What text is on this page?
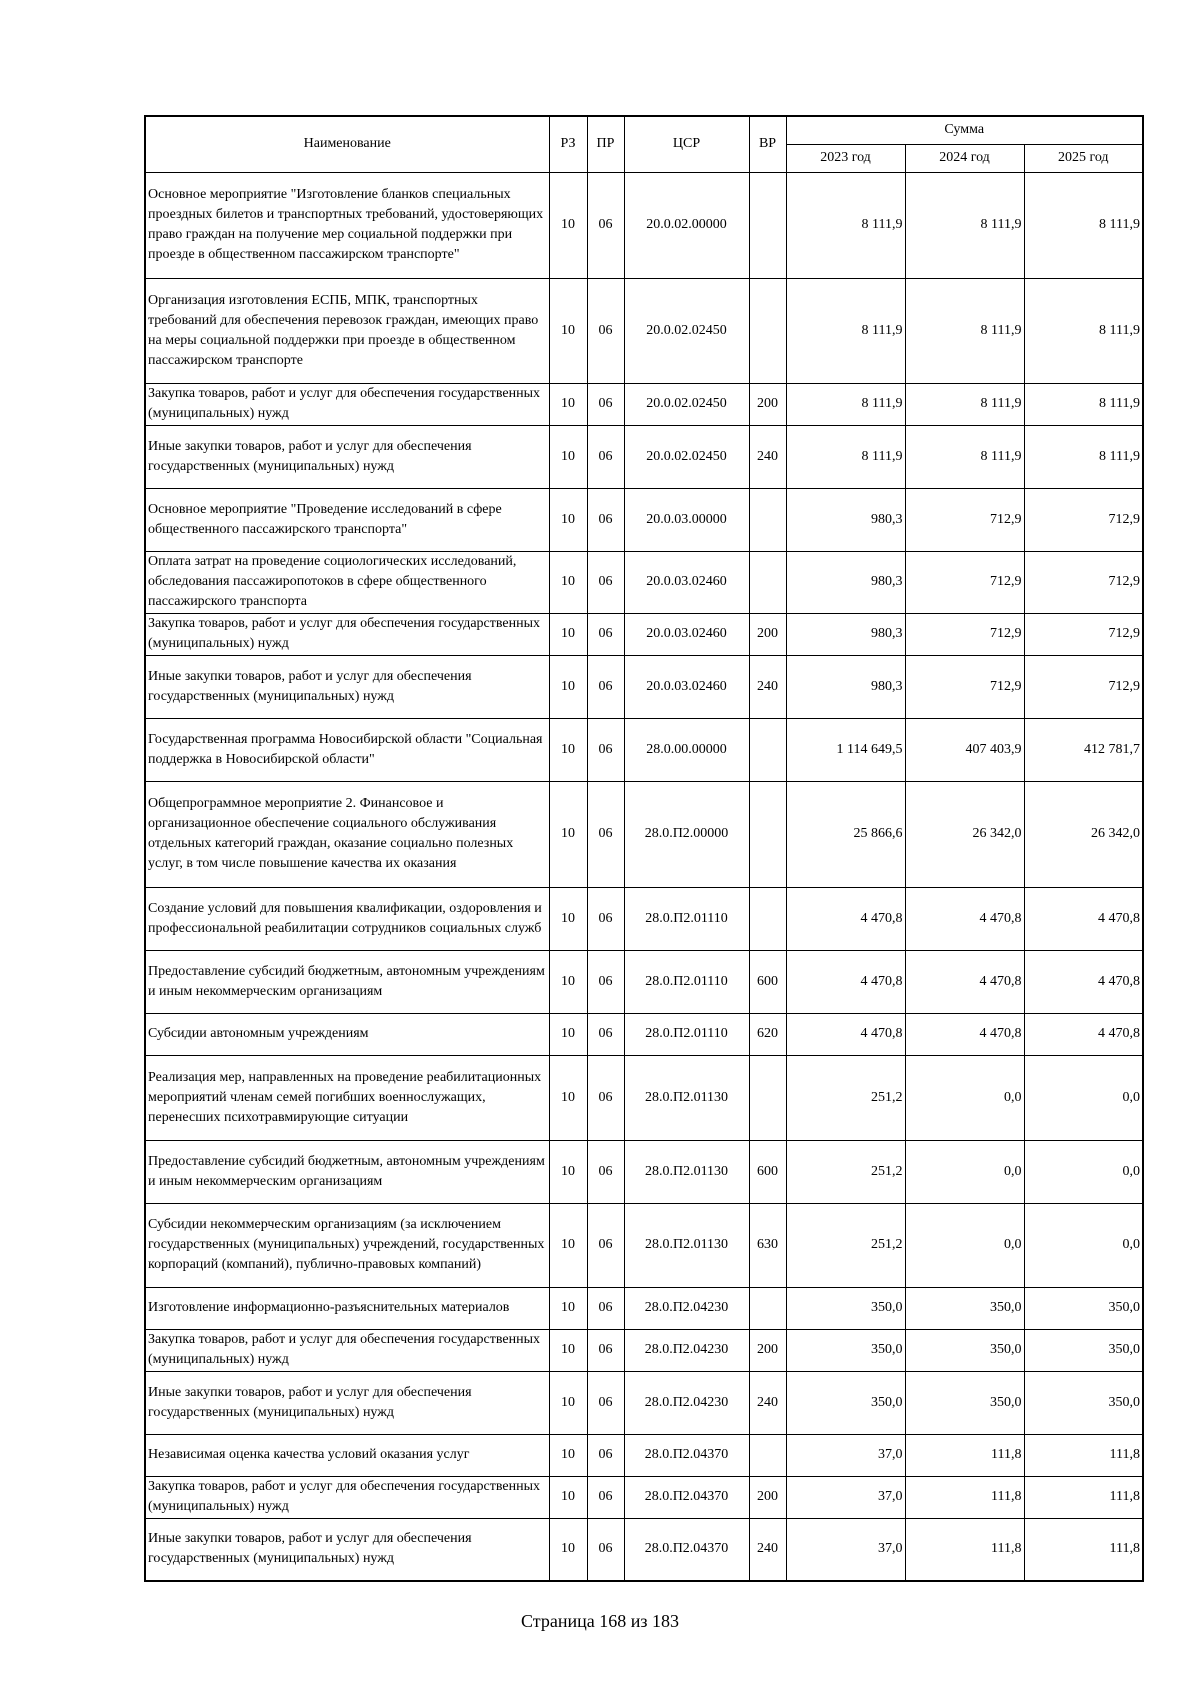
Наименование	РЗ	ПР	ЦСР	ВР	Сумма		
					2023 год	2024 год	2025 год
Основное мероприятие "Изготовление бланков специальных проездных билетов и транспортных требований, удостоверяющих право граждан на получение мер социальной поддержки при проезде в общественном пассажирском транспорте"	10	06	20.0.02.00000		8 111,9	8 111,9	8 111,9
Организация изготовления ЕСПБ, МПК, транспортных требований для обеспечения перевозок граждан, имеющих право на меры социальной поддержки при проезде в общественном пассажирском транспорте	10	06	20.0.02.02450		8 111,9	8 111,9	8 111,9
Закупка товаров, работ и услуг для обеспечения государственных (муниципальных) нужд	10	06	20.0.02.02450	200	8 111,9	8 111,9	8 111,9
Иные закупки товаров, работ и услуг для обеспечения государственных (муниципальных) нужд	10	06	20.0.02.02450	240	8 111,9	8 111,9	8 111,9
Основное мероприятие "Проведение исследований в сфере общественного пассажирского транспорта"	10	06	20.0.03.00000		980,3	712,9	712,9
Оплата затрат на проведение социологических исследований, обследования пассажиропотоков в сфере общественного пассажирского транспорта	10	06	20.0.03.02460		980,3	712,9	712,9
Закупка товаров, работ и услуг для обеспечения государственных (муниципальных) нужд	10	06	20.0.03.02460	200	980,3	712,9	712,9
Иные закупки товаров, работ и услуг для обеспечения государственных (муниципальных) нужд	10	06	20.0.03.02460	240	980,3	712,9	712,9
Государственная программа Новосибирской области "Социальная поддержка в Новосибирской области"	10	06	28.0.00.00000		1 114 649,5	407 403,9	412 781,7
Общепрограммное мероприятие 2. Финансовое и организационное обеспечение социального обслуживания отдельных категорий граждан, оказание социально полезных услуг, в том числе повышение качества их оказания	10	06	28.0.П2.00000		25 866,6	26 342,0	26 342,0
Создание условий для повышения квалификации, оздоровления и профессиональной реабилитации сотрудников социальных служб	10	06	28.0.П2.01110		4 470,8	4 470,8	4 470,8
Предоставление субсидий бюджетным, автономным учреждениям и иным некоммерческим организациям	10	06	28.0.П2.01110	600	4 470,8	4 470,8	4 470,8
Субсидии автономным учреждениям	10	06	28.0.П2.01110	620	4 470,8	4 470,8	4 470,8
Реализация мер, направленных на проведение реабилитационных мероприятий членам семей погибших военнослужащих, перенесших психотравмирующие ситуации	10	06	28.0.П2.01130		251,2	0,0	0,0
Предоставление субсидий бюджетным, автономным учреждениям и иным некоммерческим организациям	10	06	28.0.П2.01130	600	251,2	0,0	0,0
Субсидии некоммерческим организациям (за исключением государственных (муниципальных) учреждений, государственных корпораций (компаний), публично-правовых компаний)	10	06	28.0.П2.01130	630	251,2	0,0	0,0
Изготовление информационно-разъяснительных материалов	10	06	28.0.П2.04230		350,0	350,0	350,0
Закупка товаров, работ и услуг для обеспечения государственных (муниципальных) нужд	10	06	28.0.П2.04230	200	350,0	350,0	350,0
Иные закупки товаров, работ и услуг для обеспечения государственных (муниципальных) нужд	10	06	28.0.П2.04230	240	350,0	350,0	350,0
Независимая оценка качества условий оказания услуг	10	06	28.0.П2.04370		37,0	111,8	111,8
Закупка товаров, работ и услуг для обеспечения государственных (муниципальных) нужд	10	06	28.0.П2.04370	200	37,0	111,8	111,8
Иные закупки товаров, работ и услуг для обеспечения государственных (муниципальных) нужд	10	06	28.0.П2.04370	240	37,0	111,8	111,8
Страница 168 из 183
